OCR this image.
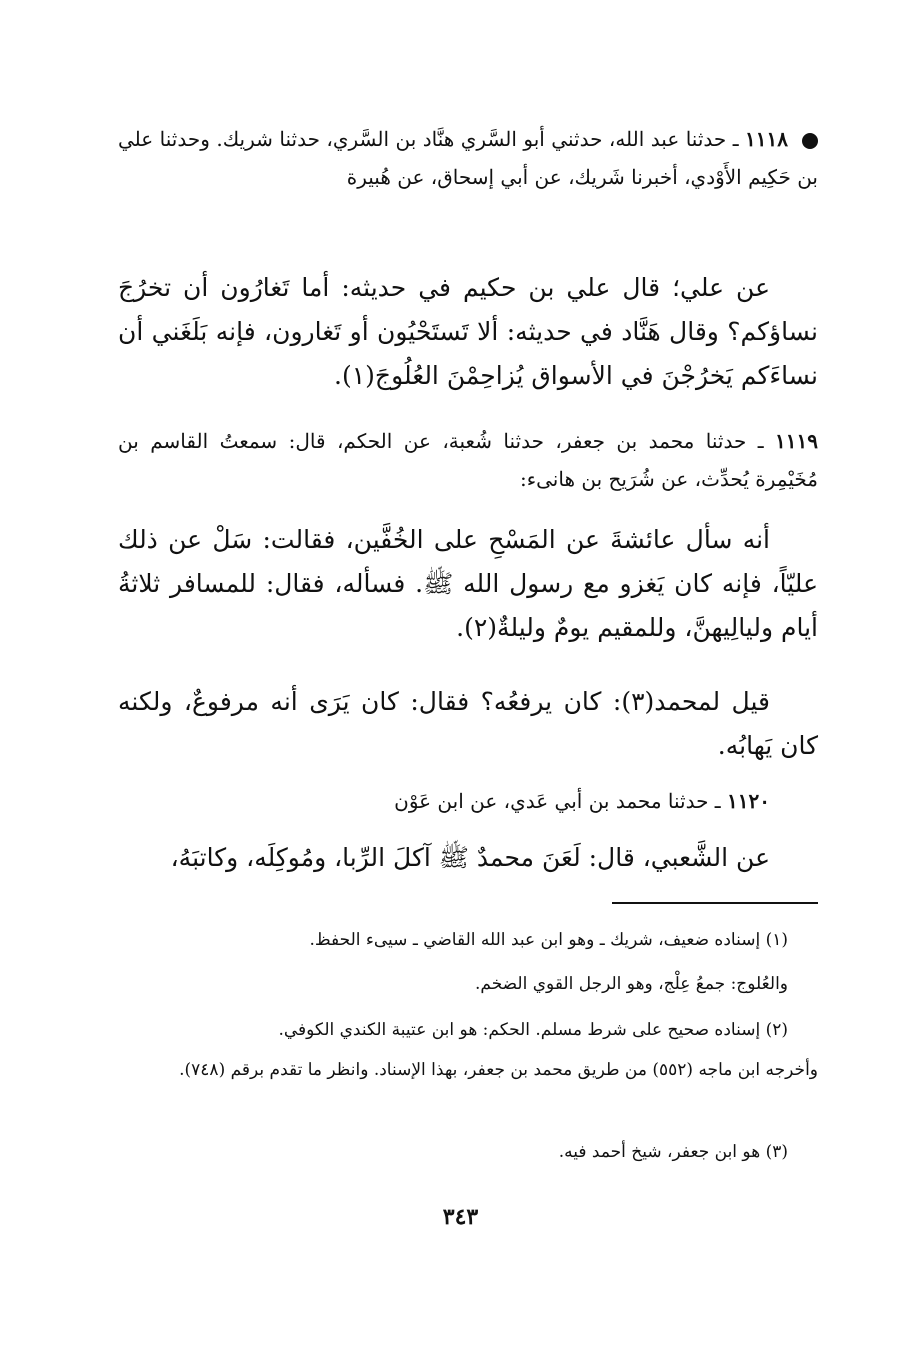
١١١٨ ـ حدثنا عبد الله، حدثني أبو السَّري هنَّاد بن السَّري، حدثنا شريك. وحدثنا علي بن حَكِيم الأَوْدي، أخبرنا شَريك، عن أبي إسحاق، عن هُبيرة
عن علي؛ قال علي بن حكيم في حديثه: أما تَغارُون أن تخرُجَ نساؤكم؟ وقال هَنَّاد في حديثه: ألا تَستَحْيُون أو تَغارون، فإنه بَلَغَني أن نساءَكم يَخرُجْنَ في الأسواق يُزاحِمْنَ العُلُوجَ(١).
١١١٩ ـ حدثنا محمد بن جعفر، حدثنا شُعبة، عن الحكم، قال: سمعتُ القاسم بن مُخَيْمِرة يُحدِّث، عن شُرَيح بن هانىء:
أنه سأل عائشةَ عن المَسْحِ على الخُفَّين، فقالت: سَلْ عن ذلك عليّاً، فإنه كان يَغزو مع رسول الله ﷺ. فسأله، فقال: للمسافر ثلاثةُ أيام وليالِيهنَّ، وللمقيم يومٌ وليلةٌ(٢).
قيل لمحمد(٣): كان يرفعُه؟ فقال: كان يَرَى أنه مرفوعٌ، ولكنه كان يَهابُه.
١١٢٠ ـ حدثنا محمد بن أبي عَدي، عن ابن عَوْن
عن الشَّعبي، قال: لَعَنَ محمدٌ ﷺ آكلَ الرِّبا، ومُوكِلَه، وكاتبَهُ،
(١) إسناده ضعيف، شريك ـ وهو ابن عبد الله القاضي ـ سيىء الحفظ.
والعُلوج: جمعُ عِلْج، وهو الرجل القوي الضخم.
(٢) إسناده صحيح على شرط مسلم. الحكم: هو ابن عتيبة الكندي الكوفي.
وأخرجه ابن ماجه (٥٥٢) من طريق محمد بن جعفر، بهذا الإسناد. وانظر ما تقدم برقم (٧٤٨).
(٣) هو ابن جعفر، شيخ أحمد فيه.
٣٤٣
